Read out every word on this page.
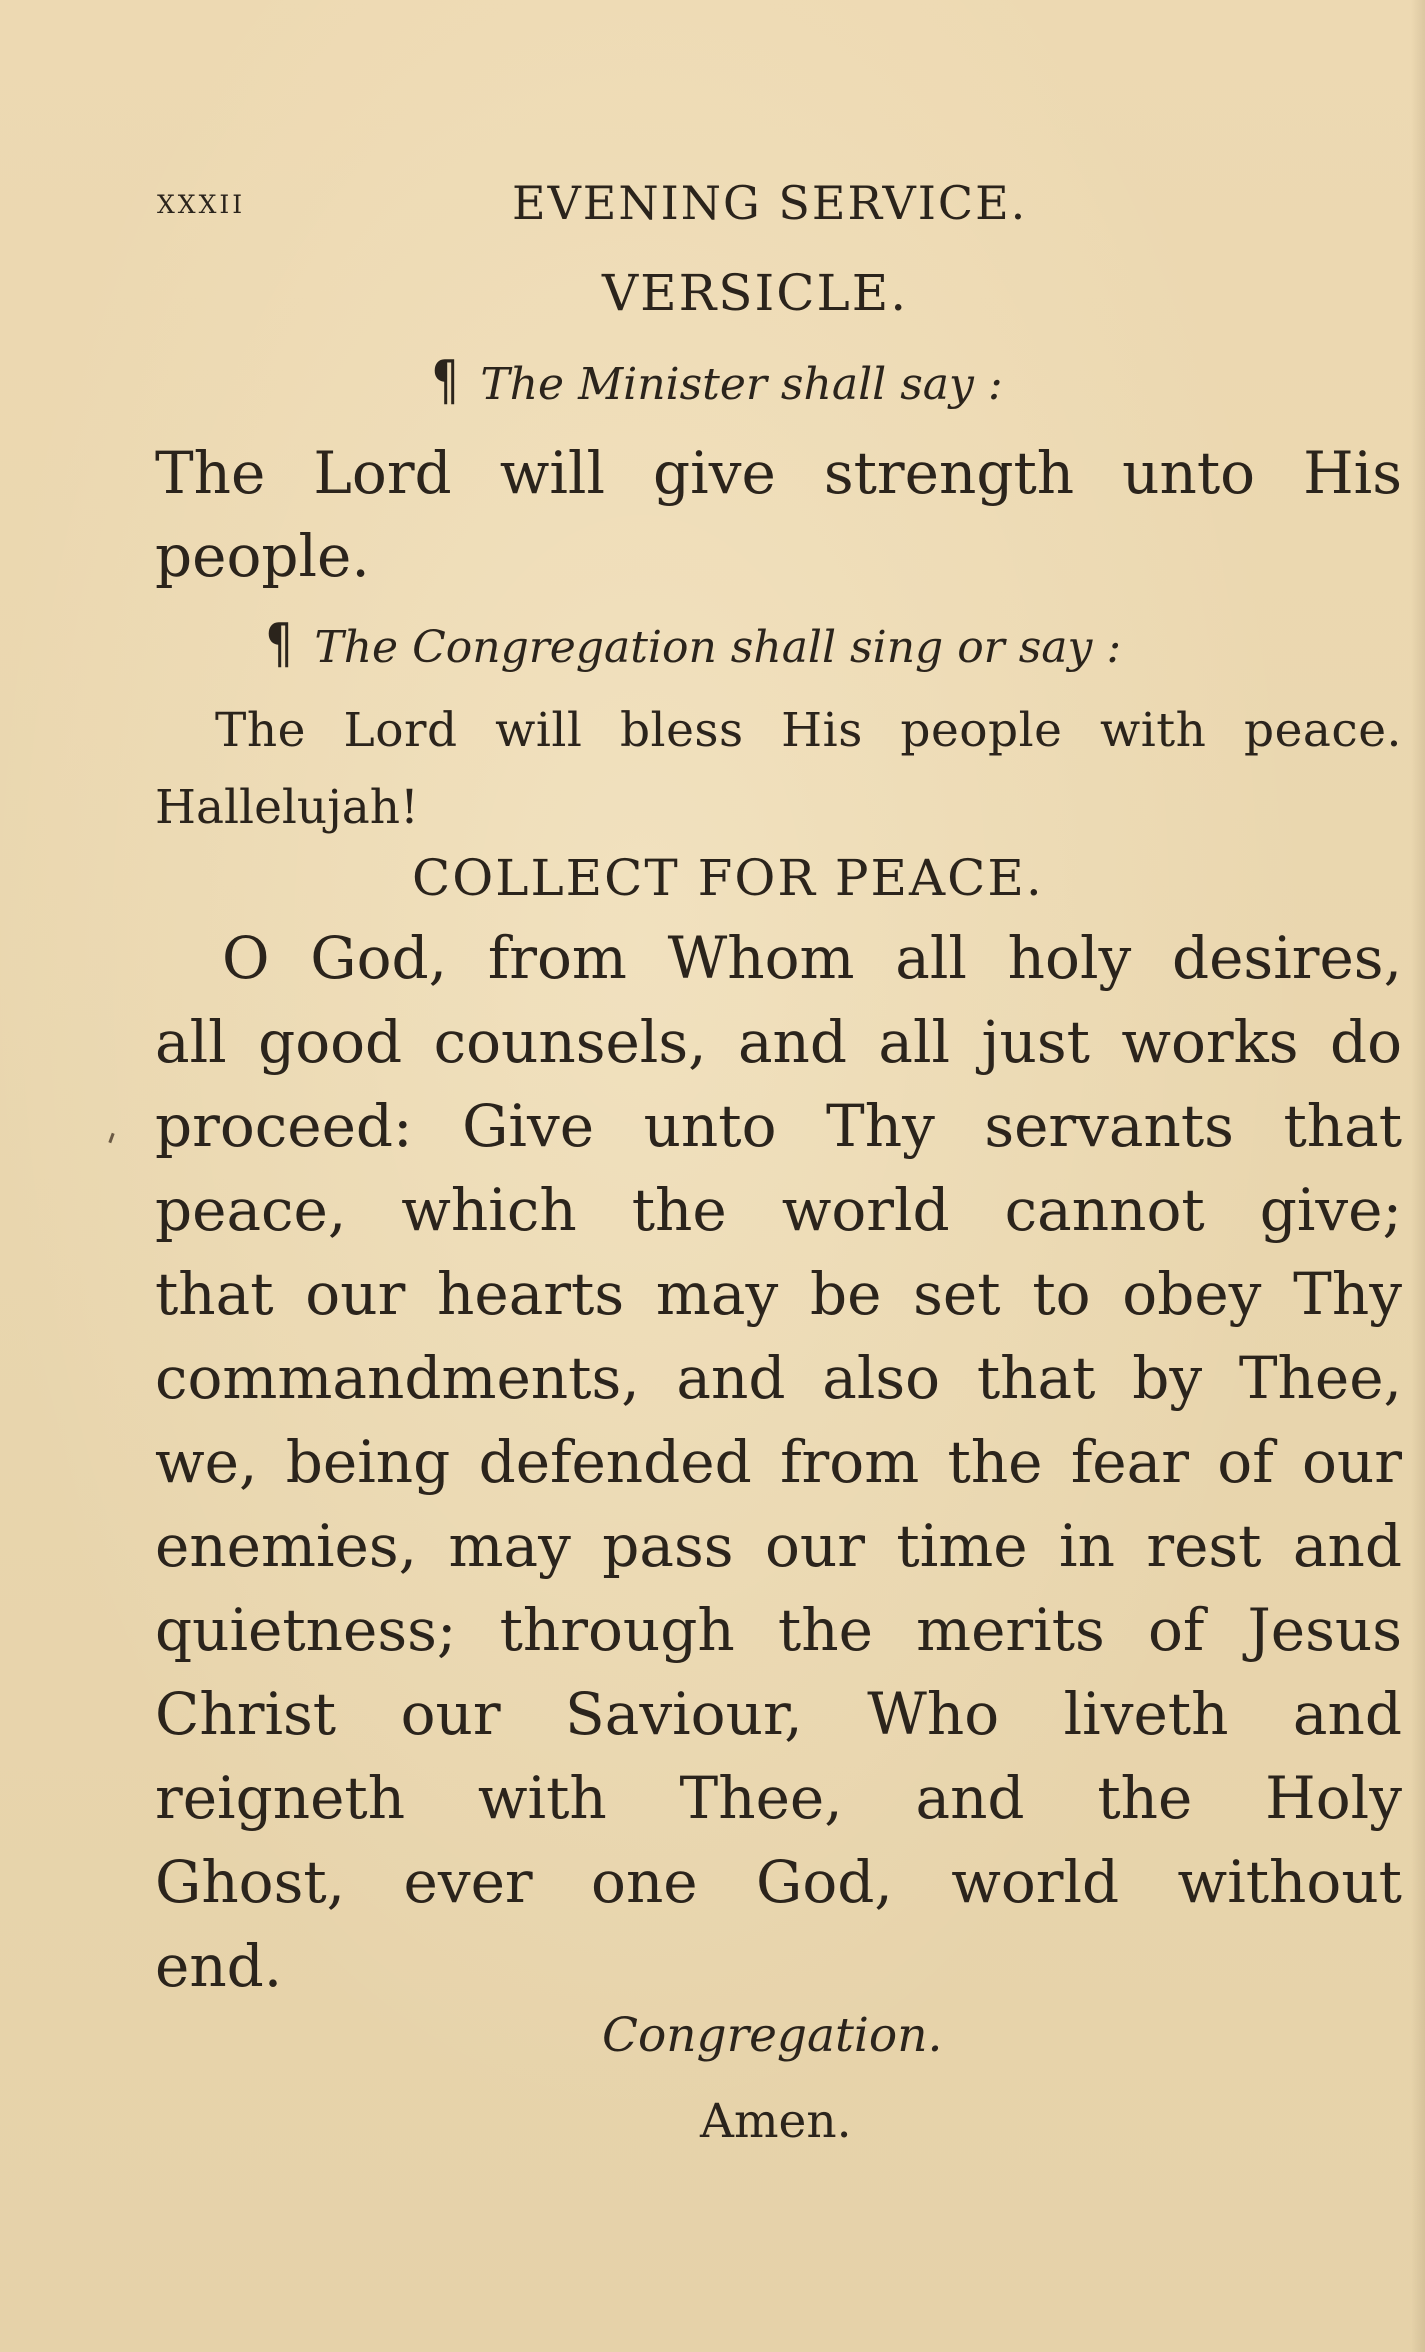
xxxii	EVENING SERVICE.
VERSICLE.
¶ The Minister shall say :
The Lord will give strength unto His
people.
¶ The Congregation shall sing or say :
The Lord will bless His people with peace.
Hallelujah!
COLLECT FOR PEACE.
O God, from Whom all holy desires,
all good counsels, and all just works do
proceed: Give unto Thy servants that
peace, which the world cannot give;
that our hearts may be set to obey Thy
commandments, and also that by Thee,
we, being defended from the fear of our
enemies, may pass our time in rest and
quietness; through the merits of Jesus
Christ our Saviour, Who liveth and
reigneth with Thee, and the Holy
Ghost, ever one God, world without
end.
Congregation.
Amen.
